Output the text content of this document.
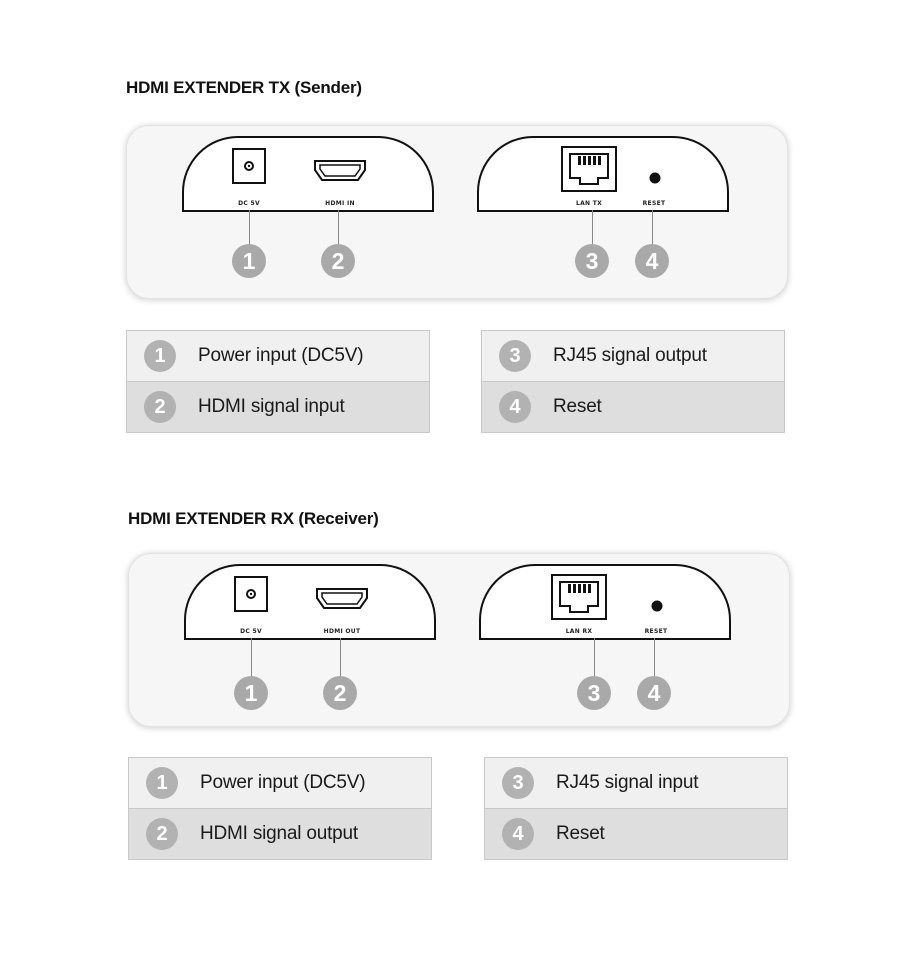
HDMI EXTENDER TX (Sender)
DC 5V	HDMI IN	LAN TX	RESET
1	2	3	4
1	Power input (DC5V)
2	HDMI signal input
3	RJ45 signal output
4	Reset
HDMI EXTENDER RX (Receiver)
DC 5V	HDMI OUT	LAN RX	RESET
1	2	3	4
1	Power input (DC5V)
2	HDMI signal output
3	RJ45 signal input
4	Reset
